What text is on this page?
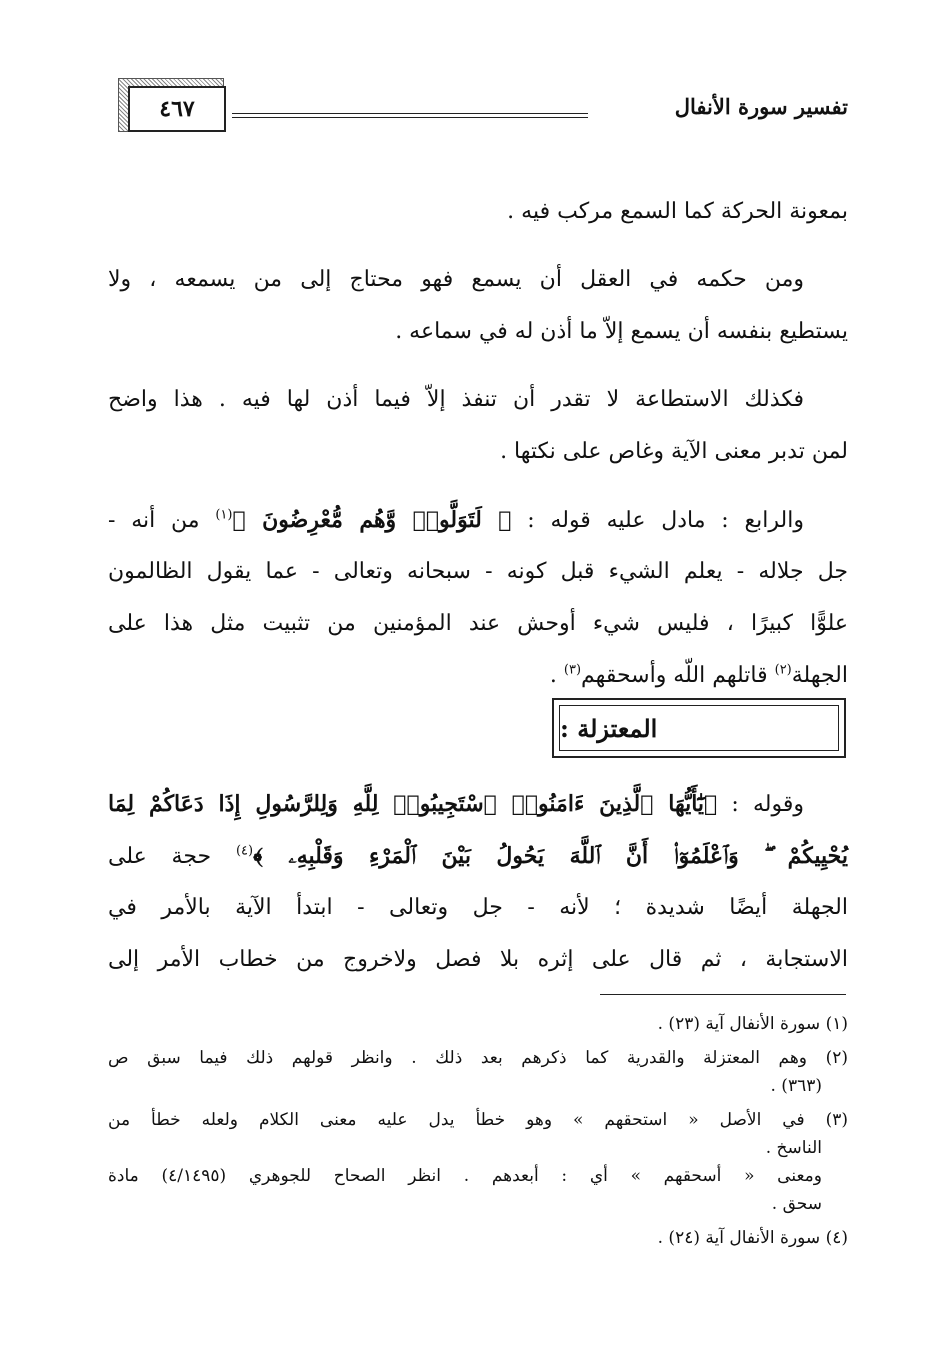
تفسير سورة الأنفال
٤٦٧
بمعونة الحركة كما السمع مركب فيه .
ومن حكمه في العقل أن يسمع فهو محتاج إلى من يسمعه ، ولا
يستطيع بنفسه أن يسمع إلاّ ما أذن له في سماعه .
فكذلك الاستطاعة لا تقدر أن تنفذ إلاّ فيما أذن لها فيه . هذا واضح
لمن تدبر معنى الآية وغاص على نكتها .
والرابع : مادل عليه قوله : ﴿ لَتَوَلَّوا۟ وَّهُم مُّعْرِضُونَ ﴾$^{(١)}$ من أنه -
جل جلاله - يعلم الشيء قبل كونه - سبحانه وتعالى - عما يقول الظالمون
علوًّا كبيرًا ، فليس شيء أوحش عند المؤمنين من تثبيت مثل هذا على
الجهلة$^{(٢)}$ قاتلهم اللّه وأسحقهم$^{(٣)}$ .
المعتزلة :
وقوله : ﴿يَٰٓأَيُّهَا ٱلَّذِينَ ءَامَنُوا۟ ٱسْتَجِيبُوا۟ لِلَّهِ وَلِلرَّسُولِ إِذَا دَعَاكُمْ لِمَا
يُحْيِيكُمْ ۖ وَٱعْلَمُوٓا۟ أَنَّ ٱللَّهَ يَحُولُ بَيْنَ ٱلْمَرْءِ وَقَلْبِهِۦ ﴾$^{(٤)}$ حجة على
الجهلة أيضًا شديدة ؛ لأنه - جل وتعالى - ابتدأ الآية بالأمر في
الاستجابة ، ثم قال على إثره بلا فصل ولاخروج من خطاب الأمر إلى
(١) سورة الأنفال آية (٢٣) .
(٢) وهم المعتزلة والقدرية كما ذكرهم بعد ذلك . وانظر قولهم ذلك فيما سبق ص
(٣٦٣) .
(٣) في الأصل « استحقهم » وهو خطأ يدل عليه معنى الكلام ولعله خطأ من
الناسخ .
ومعنى « أسحقهم » أي : أبعدهم . انظر الصحاح للجوهري (٤/١٤٩٥) مادة
سحق .
(٤) سورة الأنفال آية (٢٤) .
